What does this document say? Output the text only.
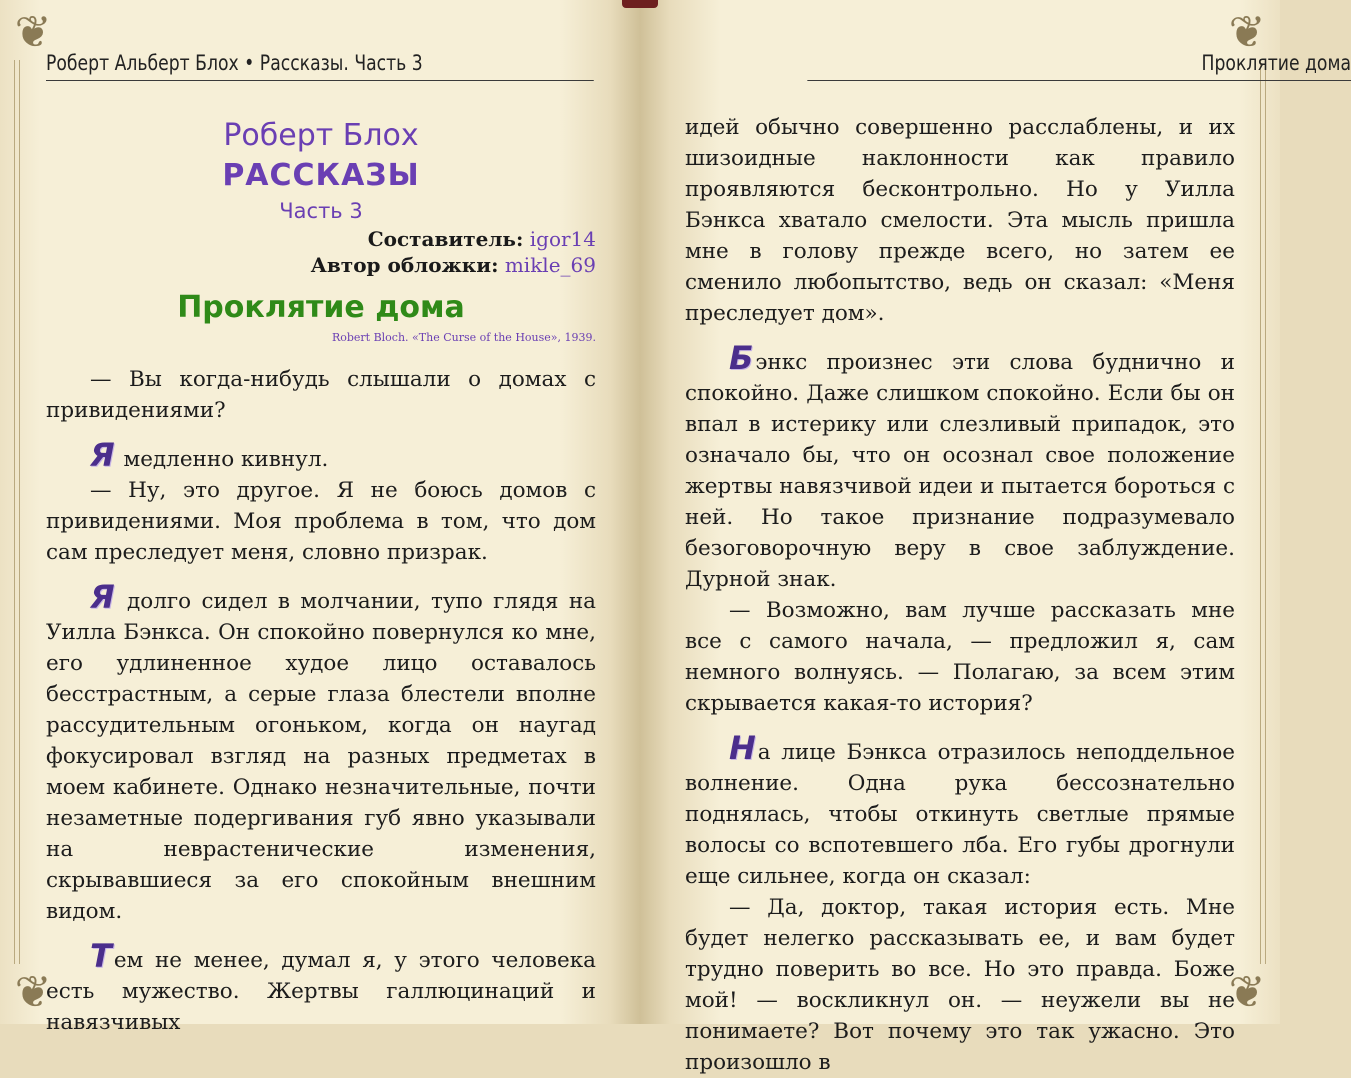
❦
❦
Роберт Альберт Блох • Рассказы. Часть 3
Роберт Блох
РАССКАЗЫ
Часть 3
Составитель: igor14
Автор обложки: mikle_69
Проклятие дома
Robert Bloch. «The Curse of the House», 1939.

— Вы когда-нибудь слышали о домах с привидениями?

Я медленно кивнул.

— Ну, это другое. Я не боюсь домов с привидениями. Моя проблема в том, что дом сам преследует меня, словно призрак.

Я долго сидел в молчании, тупо глядя на Уилла Бэнкса. Он спокойно повернулся ко мне, его удлиненное худое лицо оставалось бесстрастным, а серые глаза блестели вполне рассудительным огоньком, когда он наугад фокусировал взгляд на разных предметах в моем кабинете. Однако незначительные, почти незаметные подергивания губ явно указывали на неврастенические изменения, скрывавшиеся за его спокойным внешним видом.

Тем не менее, думал я, у этого человека есть мужество. Жертвы галлюцинаций и навязчивых

❦
❦
Проклятие дома

идей обычно совершенно расслаблены, и их шизоидные наклонности как правило проявляются бесконтрольно. Но у Уилла Бэнкса хватало смелости. Эта мысль пришла мне в голову прежде всего, но затем ее сменило любопытство, ведь он сказал: «Меня преследует дом».

Бэнкс произнес эти слова буднично и спокойно. Даже слишком спокойно. Если бы он впал в истерику или слезливый припадок, это означало бы, что он осознал свое положение жертвы навязчивой идеи и пытается бороться с ней. Но такое признание подразумевало безоговорочную веру в свое заблуждение. Дурной знак.

— Возможно, вам лучше рассказать мне все с самого начала, — предложил я, сам немного волнуясь. — Полагаю, за всем этим скрывается какая-то история?

На лице Бэнкса отразилось неподдельное волнение. Одна рука бессознательно поднялась, чтобы откинуть светлые прямые волосы со вспотевшего лба. Его губы дрогнули еще сильнее, когда он сказал:

— Да, доктор, такая история есть. Мне будет нелегко рассказывать ее, и вам будет трудно поверить во все. Но это правда. Боже мой! — воскликнул он. — неужели вы не понимаете? Вот почему это так ужасно. Это произошло в
